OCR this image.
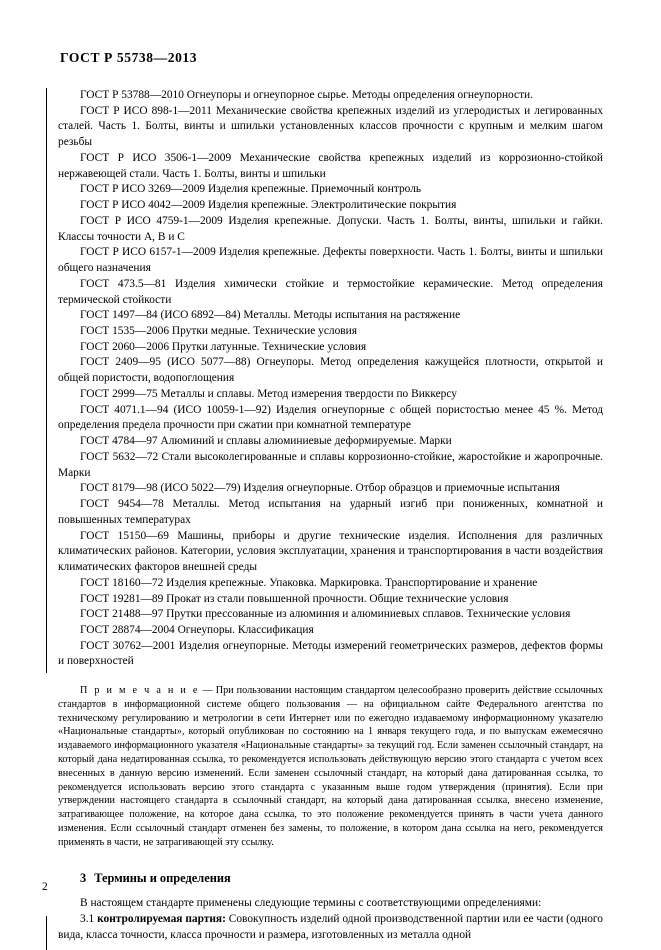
ГОСТ Р 55738—2013

ГОСТ Р 53788—2010 Огнеупоры и огнеупорное сырье. Методы определения огнеупорности.

ГОСТ Р ИСО 898-1—2011 Механические свойства крепежных изделий из углеродистых и легированных сталей. Часть 1. Болты, винты и шпильки установленных классов прочности с крупным и мелким шагом резьбы

ГОСТ Р ИСО 3506-1—2009 Механические свойства крепежных изделий из коррозионно-стойкой нержавеющей стали. Часть 1. Болты, винты и шпильки

ГОСТ Р ИСО 3269—2009 Изделия крепежные. Приемочный контроль

ГОСТ Р ИСО 4042—2009 Изделия крепежные. Электролитические покрытия

ГОСТ Р ИСО 4759-1—2009 Изделия крепежные. Допуски. Часть 1. Болты, винты, шпильки и гайки. Классы точности А, В и С

ГОСТ Р ИСО 6157-1—2009 Изделия крепежные. Дефекты поверхности. Часть 1. Болты, винты и шпильки общего назначения

ГОСТ 473.5—81 Изделия химически стойкие и термостойкие керамические. Метод определения термической стойкости

ГОСТ 1497—84 (ИСО 6892—84) Металлы. Методы испытания на растяжение

ГОСТ 1535—2006 Прутки медные. Технические условия

ГОСТ 2060—2006 Прутки латунные. Технические условия

ГОСТ 2409—95 (ИСО 5077—88) Огнеупоры. Метод определения кажущейся плотности, открытой и общей пористости, водопоглощения

ГОСТ 2999—75 Металлы и сплавы. Метод измерения твердости по Виккерсу

ГОСТ 4071.1—94 (ИСО 10059-1—92) Изделия огнеупорные с общей пористостью менее 45 %. Метод определения предела прочности при сжатии при комнатной температуре

ГОСТ 4784—97 Алюминий и сплавы алюминиевые деформируемые. Марки

ГОСТ 5632—72 Стали высоколегированные и сплавы коррозионно-стойкие, жаростойкие и жаропрочные. Марки

ГОСТ 8179—98 (ИСО 5022—79) Изделия огнеупорные. Отбор образцов и приемочные испытания

ГОСТ 9454—78 Металлы. Метод испытания на ударный изгиб при пониженных, комнатной и повышенных температурах

ГОСТ 15150—69 Машины, приборы и другие технические изделия. Исполнения для различных климатических районов. Категории, условия эксплуатации, хранения и транспортирования в части воздействия климатических факторов внешней среды

ГОСТ 18160—72 Изделия крепежные. Упаковка. Маркировка. Транспортирование и хранение

ГОСТ 19281—89 Прокат из стали повышенной прочности. Общие технические условия

ГОСТ 21488—97 Прутки прессованные из алюминия и алюминиевых сплавов. Технические условия

ГОСТ 28874—2004 Огнеупоры. Классификация

ГОСТ 30762—2001 Изделия огнеупорные. Методы измерений геометрических размеров, дефектов формы и поверхностей

П р и м е ч а н и е — При пользовании настоящим стандартом целесообразно проверить действие ссылочных стандартов в информационной системе общего пользования — на официальном сайте Федерального агентства по техническому регулированию и метрологии в сети Интернет или по ежегодно издаваемому информационному указателю «Национальные стандарты», который опубликован по состоянию на 1 января текущего года, и по выпускам ежемесячно издаваемого информационного указателя «Национальные стандарты» за текущий год. Если заменен ссылочный стандарт, на который дана недатированная ссылка, то рекомендуется использовать действующую версию этого стандарта с учетом всех внесенных в данную версию изменений. Если заменен ссылочный стандарт, на который дана датированная ссылка, то рекомендуется использовать версию этого стандарта с указанным выше годом утверждения (принятия). Если при утверждении настоящего стандарта в ссылочный стандарт, на который дана датированная ссылка, внесено изменение, затрагивающее положение, на которое дана ссылка, то это положение рекомендуется принять в части учета данного изменения. Если ссылочный стандарт отменен без замены, то положение, в котором дана ссылка на него, рекомендуется применять в части, не затрагивающей эту ссылку.

3 Термины и определения

В настоящем стандарте применены следующие термины с соответствующими определениями:

3.1 контролируемая партия: Совокупность изделий одной производственной партии или ее части (одного вида, класса точности, класса прочности и размера, изготовленных из металла одной

2
